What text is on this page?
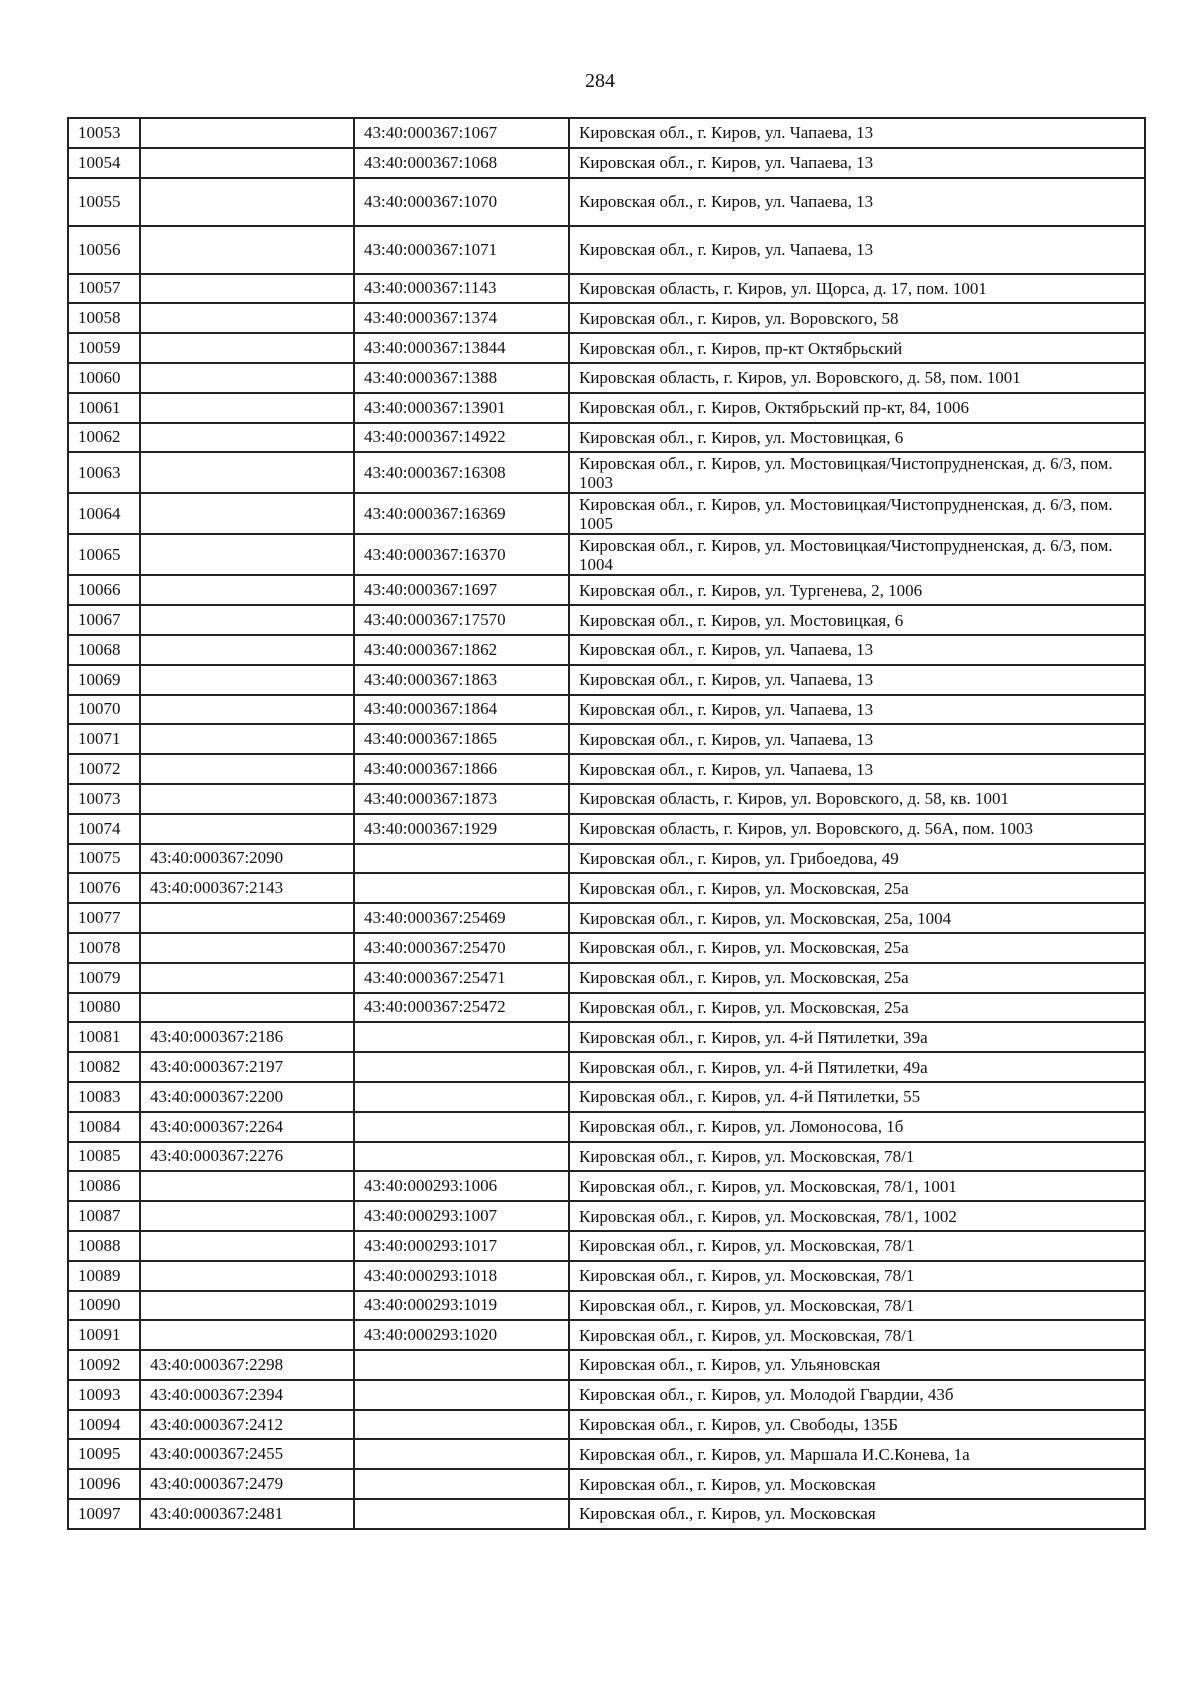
284
10053		43:40:000367:1067	Кировская обл., г. Киров, ул. Чапаева, 13
10054		43:40:000367:1068	Кировская обл., г. Киров, ул. Чапаева, 13
10055		43:40:000367:1070	Кировская обл., г. Киров, ул. Чапаева, 13
10056		43:40:000367:1071	Кировская обл., г. Киров, ул. Чапаева, 13
10057		43:40:000367:1143	Кировская область, г. Киров, ул. Щорса, д. 17, пом. 1001
10058		43:40:000367:1374	Кировская обл., г. Киров, ул. Воровского, 58
10059		43:40:000367:13844	Кировская обл., г. Киров, пр-кт Октябрьский
10060		43:40:000367:1388	Кировская область, г. Киров, ул. Воровского, д. 58, пом. 1001
10061		43:40:000367:13901	Кировская обл., г. Киров, Октябрьский пр-кт, 84, 1006
10062		43:40:000367:14922	Кировская обл., г. Киров, ул. Мостовицкая, 6
10063		43:40:000367:16308	Кировская обл., г. Киров, ул. Мостовицкая/Чистопрудненская, д. 6/3, пом. 1003
10064		43:40:000367:16369	Кировская обл., г. Киров, ул. Мостовицкая/Чистопрудненская, д. 6/3, пом. 1005
10065		43:40:000367:16370	Кировская обл., г. Киров, ул. Мостовицкая/Чистопрудненская, д. 6/3, пом. 1004
10066		43:40:000367:1697	Кировская обл., г. Киров, ул. Тургенева, 2, 1006
10067		43:40:000367:17570	Кировская обл., г. Киров, ул. Мостовицкая, 6
10068		43:40:000367:1862	Кировская обл., г. Киров, ул. Чапаева, 13
10069		43:40:000367:1863	Кировская обл., г. Киров, ул. Чапаева, 13
10070		43:40:000367:1864	Кировская обл., г. Киров, ул. Чапаева, 13
10071		43:40:000367:1865	Кировская обл., г. Киров, ул. Чапаева, 13
10072		43:40:000367:1866	Кировская обл., г. Киров, ул. Чапаева, 13
10073		43:40:000367:1873	Кировская область, г. Киров, ул. Воровского, д. 58, кв. 1001
10074		43:40:000367:1929	Кировская область, г. Киров, ул. Воровского, д. 56А, пом. 1003
10075	43:40:000367:2090		Кировская обл., г. Киров, ул. Грибоедова, 49
10076	43:40:000367:2143		Кировская обл., г. Киров, ул. Московская, 25а
10077		43:40:000367:25469	Кировская обл., г. Киров, ул. Московская, 25а, 1004
10078		43:40:000367:25470	Кировская обл., г. Киров, ул. Московская, 25а
10079		43:40:000367:25471	Кировская обл., г. Киров, ул. Московская, 25а
10080		43:40:000367:25472	Кировская обл., г. Киров, ул. Московская, 25а
10081	43:40:000367:2186		Кировская обл., г. Киров, ул. 4-й Пятилетки, 39а
10082	43:40:000367:2197		Кировская обл., г. Киров, ул. 4-й Пятилетки, 49а
10083	43:40:000367:2200		Кировская обл., г. Киров, ул. 4-й Пятилетки, 55
10084	43:40:000367:2264		Кировская обл., г. Киров, ул. Ломоносова, 1б
10085	43:40:000367:2276		Кировская обл., г. Киров, ул. Московская, 78/1
10086		43:40:000293:1006	Кировская обл., г. Киров, ул. Московская, 78/1, 1001
10087		43:40:000293:1007	Кировская обл., г. Киров, ул. Московская, 78/1, 1002
10088		43:40:000293:1017	Кировская обл., г. Киров, ул. Московская, 78/1
10089		43:40:000293:1018	Кировская обл., г. Киров, ул. Московская, 78/1
10090		43:40:000293:1019	Кировская обл., г. Киров, ул. Московская, 78/1
10091		43:40:000293:1020	Кировская обл., г. Киров, ул. Московская, 78/1
10092	43:40:000367:2298		Кировская обл., г. Киров, ул. Ульяновская
10093	43:40:000367:2394		Кировская обл., г. Киров, ул. Молодой Гвардии, 43б
10094	43:40:000367:2412		Кировская обл., г. Киров, ул. Свободы, 135Б
10095	43:40:000367:2455		Кировская обл., г. Киров, ул. Маршала И.С.Конева, 1а
10096	43:40:000367:2479		Кировская обл., г. Киров, ул. Московская
10097	43:40:000367:2481		Кировская обл., г. Киров, ул. Московская
